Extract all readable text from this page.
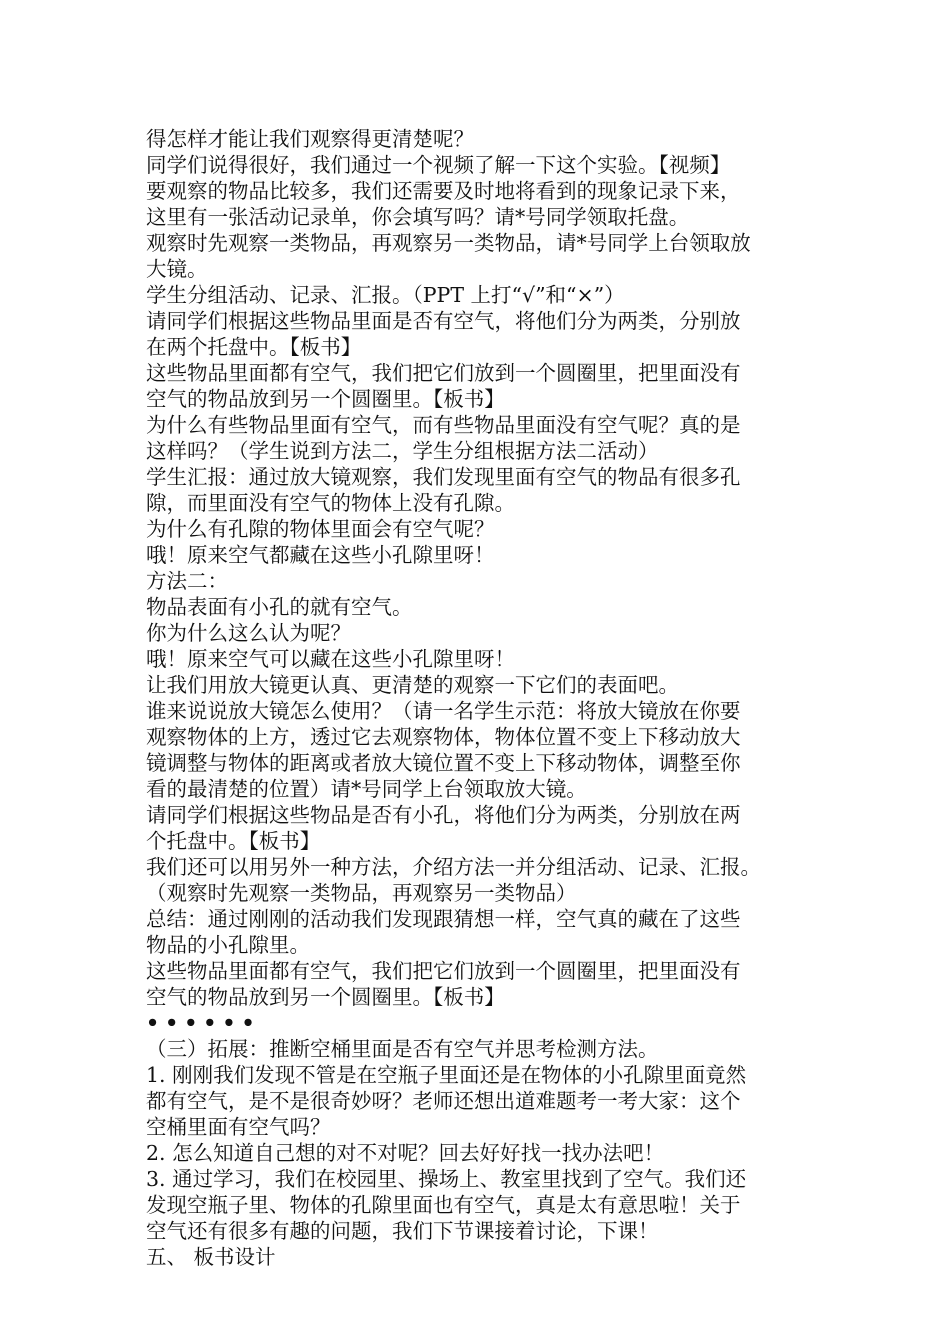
得怎样才能让我们观察得更清楚呢？

同学们说得很好，我们通过一个视频了解一下这个实验。【视频】

要观察的物品比较多，我们还需要及时地将看到的现象记录下来，

这里有一张活动记录单，你会填写吗？请*号同学领取托盘。

观察时先观察一类物品，再观察另一类物品，请*号同学上台领取放

大镜。

学生分组活动、记录、汇报。（PPT 上打“√”和“×”）

请同学们根据这些物品里面是否有空气，将他们分为两类，分别放

在两个托盘中。【板书】

这些物品里面都有空气，我们把它们放到一个圆圈里，把里面没有

空气的物品放到另一个圆圈里。【板书】

为什么有些物品里面有空气，而有些物品里面没有空气呢？真的是

这样吗？（学生说到方法二，学生分组根据方法二活动）

学生汇报：通过放大镜观察，我们发现里面有空气的物品有很多孔

隙，而里面没有空气的物体上没有孔隙。

为什么有孔隙的物体里面会有空气呢？

哦！原来空气都藏在这些小孔隙里呀！

方法二：

物品表面有小孔的就有空气。

你为什么这么认为呢？

哦！原来空气可以藏在这些小孔隙里呀！

让我们用放大镜更认真、更清楚的观察一下它们的表面吧。

谁来说说放大镜怎么使用？（请一名学生示范：将放大镜放在你要

观察物体的上方，透过它去观察物体，物体位置不变上下移动放大

镜调整与物体的距离或者放大镜位置不变上下移动物体，调整至你

看的最清楚的位置）请*号同学上台领取放大镜。

请同学们根据这些物品是否有小孔，将他们分为两类，分别放在两

个托盘中。【板书】

我们还可以用另外一种方法，介绍方法一并分组活动、记录、汇报。

（观察时先观察一类物品，再观察另一类物品）

总结：通过刚刚的活动我们发现跟猜想一样，空气真的藏在了这些

物品的小孔隙里。

这些物品里面都有空气，我们把它们放到一个圆圈里，把里面没有

空气的物品放到另一个圆圈里。【板书】

••••••

（三）拓展：推断空桶里面是否有空气并思考检测方法。

1. 刚刚我们发现不管是在空瓶子里面还是在物体的小孔隙里面竟然

都有空气，是不是很奇妙呀？老师还想出道难题考一考大家：这个

空桶里面有空气吗？

2. 怎么知道自己想的对不对呢？回去好好找一找办法吧！

3. 通过学习，我们在校园里、操场上、教室里找到了空气。我们还

发现空瓶子里、物体的孔隙里面也有空气，真是太有意思啦！关于

空气还有很多有趣的问题，我们下节课接着讨论，下课！

五、 板书设计
